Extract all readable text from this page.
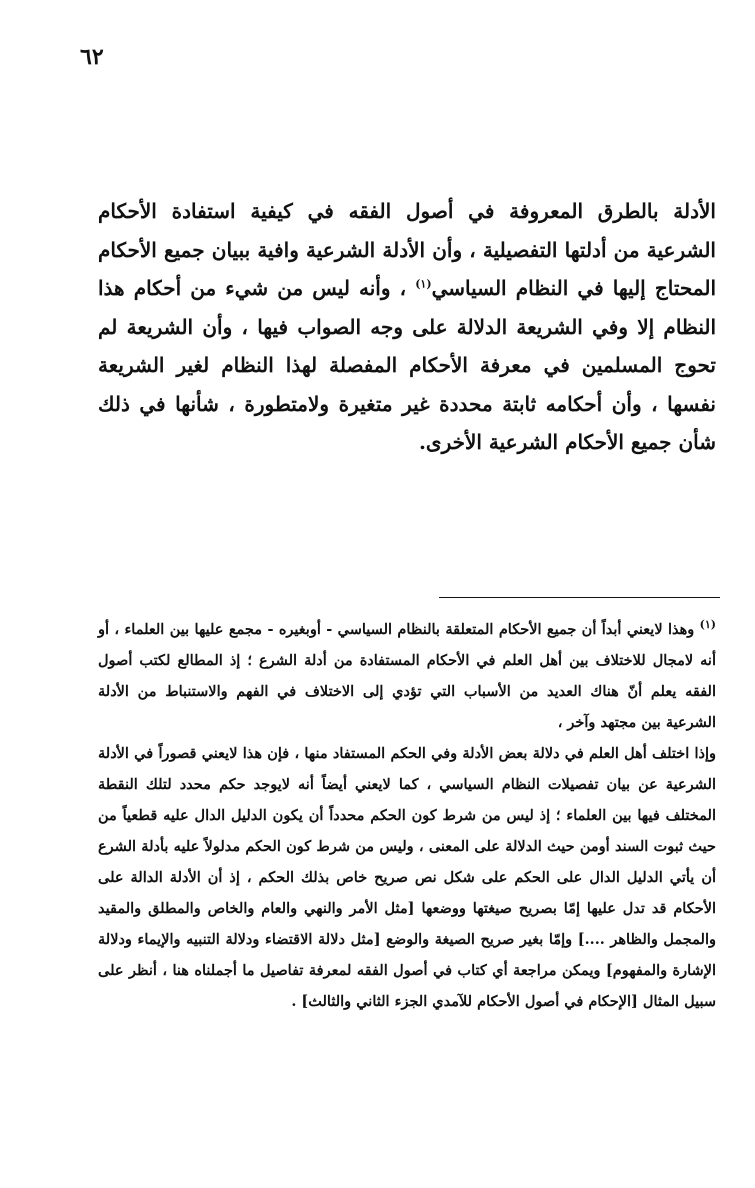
٦٢
الأدلة بالطرق المعروفة في أصول الفقه في كيفية استفادة الأحكام الشرعية من أدلتها التفصيلية ، وأن الأدلة الشرعية وافية ببيان جميع الأحكام المحتاج إليها في النظام السياسي$^{(١)}$ ، وأنه ليس من شيء من أحكام هذا النظام إلا وفي الشريعة الدلالة على وجه الصواب فيها ، وأن الشريعة لم تحوج المسلمين في معرفة الأحكام المفصلة لهذا النظام لغير الشريعة نفسها ، وأن أحكامه ثابتة محددة غير متغيرة ولامتطورة ، شأنها في ذلك شأن جميع الأحكام الشرعية الأخرى.

$^{(١)}$ وهذا لايعني أبداً أن جميع الأحكام المتعلقة بالنظام السياسي - أوبغيره - مجمع عليها بين العلماء ، أو أنه لامجال للاختلاف بين أهل العلم في الأحكام المستفادة من أدلة الشرع ؛ إذ المطالع لكتب أصول الفقه يعلم أنّ هناك العديد من الأسباب التي تؤدي إلى الاختلاف في الفهم والاستنباط من الأدلة الشرعية بين مجتهد وآخر ،

وإذا اختلف أهل العلم في دلالة بعض الأدلة وفي الحكم المستفاد منها ، فإن هذا لايعني قصوراً في الأدلة الشرعية عن بيان تفصيلات النظام السياسي ، كما لايعني أيضاً أنه لايوجد حكم محدد لتلك النقطة المختلف فيها بين العلماء ؛ إذ ليس من شرط كون الحكم محدداً أن يكون الدليل الدال عليه قطعياً من حيث ثبوت السند أومن حيث الدلالة على المعنى ، وليس من شرط كون الحكم مدلولاً عليه بأدلة الشرع أن يأتي الدليل الدال على الحكم على شكل نص صريح خاص بذلك الحكم ، إذ أن الأدلة الدالة على الأحكام قد تدل عليها إمّا بصريح صيغتها ووضعها [مثل الأمر والنهي والعام والخاص والمطلق والمقيد والمجمل والظاهر ....] وإمّا بغير صريح الصيغة والوضع [مثل دلالة الاقتضاء ودلالة التنبيه والإيماء ودلالة الإشارة والمفهوم] ويمكن مراجعة أي كتاب في أصول الفقه لمعرفة تفاصيل ما أجملناه هنا ، أنظر على سبيل المثال [الإحكام في أصول الأحكام للآمدي الجزء الثاني والثالث] .
